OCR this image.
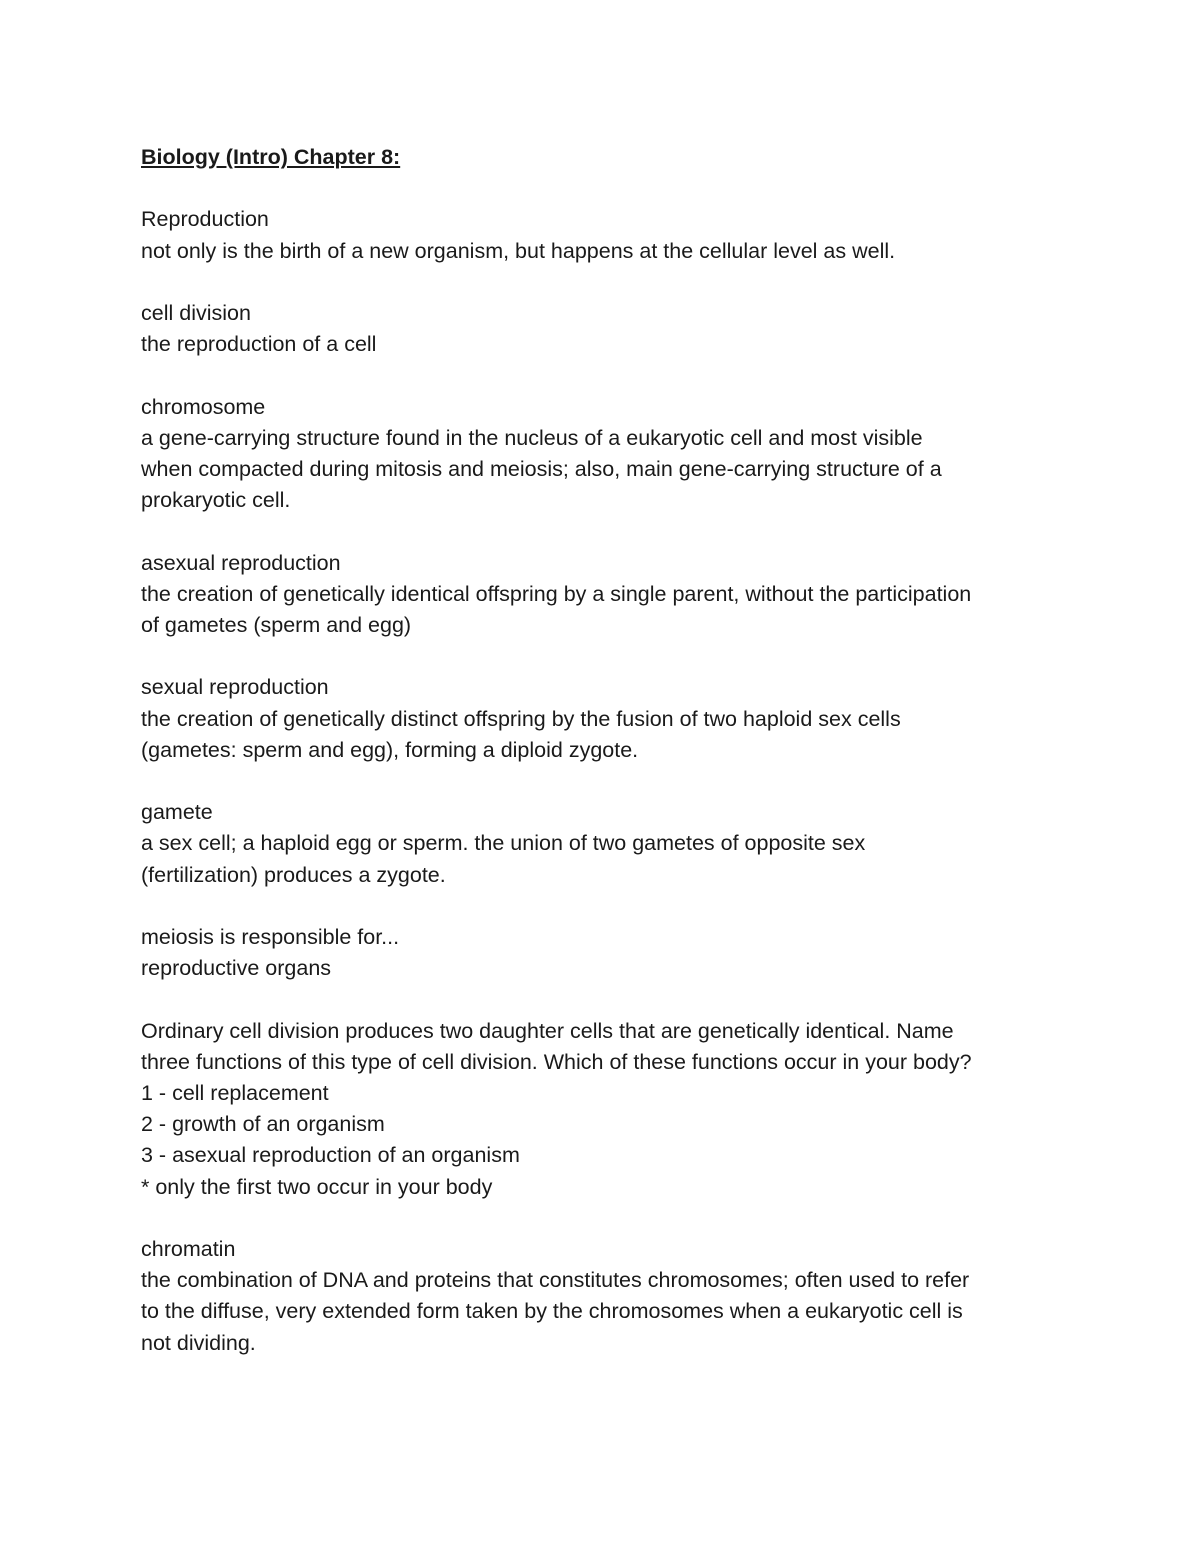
Biology (Intro) Chapter 8:

Reproduction
not only is the birth of a new organism, but happens at the cellular level as well.
cell division
the reproduction of a cell
chromosome
a gene-carrying structure found in the nucleus of a eukaryotic cell and most visible
when compacted during mitosis and meiosis; also, main gene-carrying structure of a
prokaryotic cell.
asexual reproduction
the creation of genetically identical offspring by a single parent, without the participation
of gametes (sperm and egg)
sexual reproduction
the creation of genetically distinct offspring by the fusion of two haploid sex cells
(gametes: sperm and egg), forming a diploid zygote.
gamete
a sex cell; a haploid egg or sperm. the union of two gametes of opposite sex
(fertilization) produces a zygote.
meiosis is responsible for...
reproductive organs
Ordinary cell division produces two daughter cells that are genetically identical. Name
three functions of this type of cell division. Which of these functions occur in your body?
1 - cell replacement
2 - growth of an organism
3 - asexual reproduction of an organism
* only the first two occur in your body
chromatin
the combination of DNA and proteins that constitutes chromosomes; often used to refer
to the diffuse, very extended form taken by the chromosomes when a eukaryotic cell is
not dividing.
